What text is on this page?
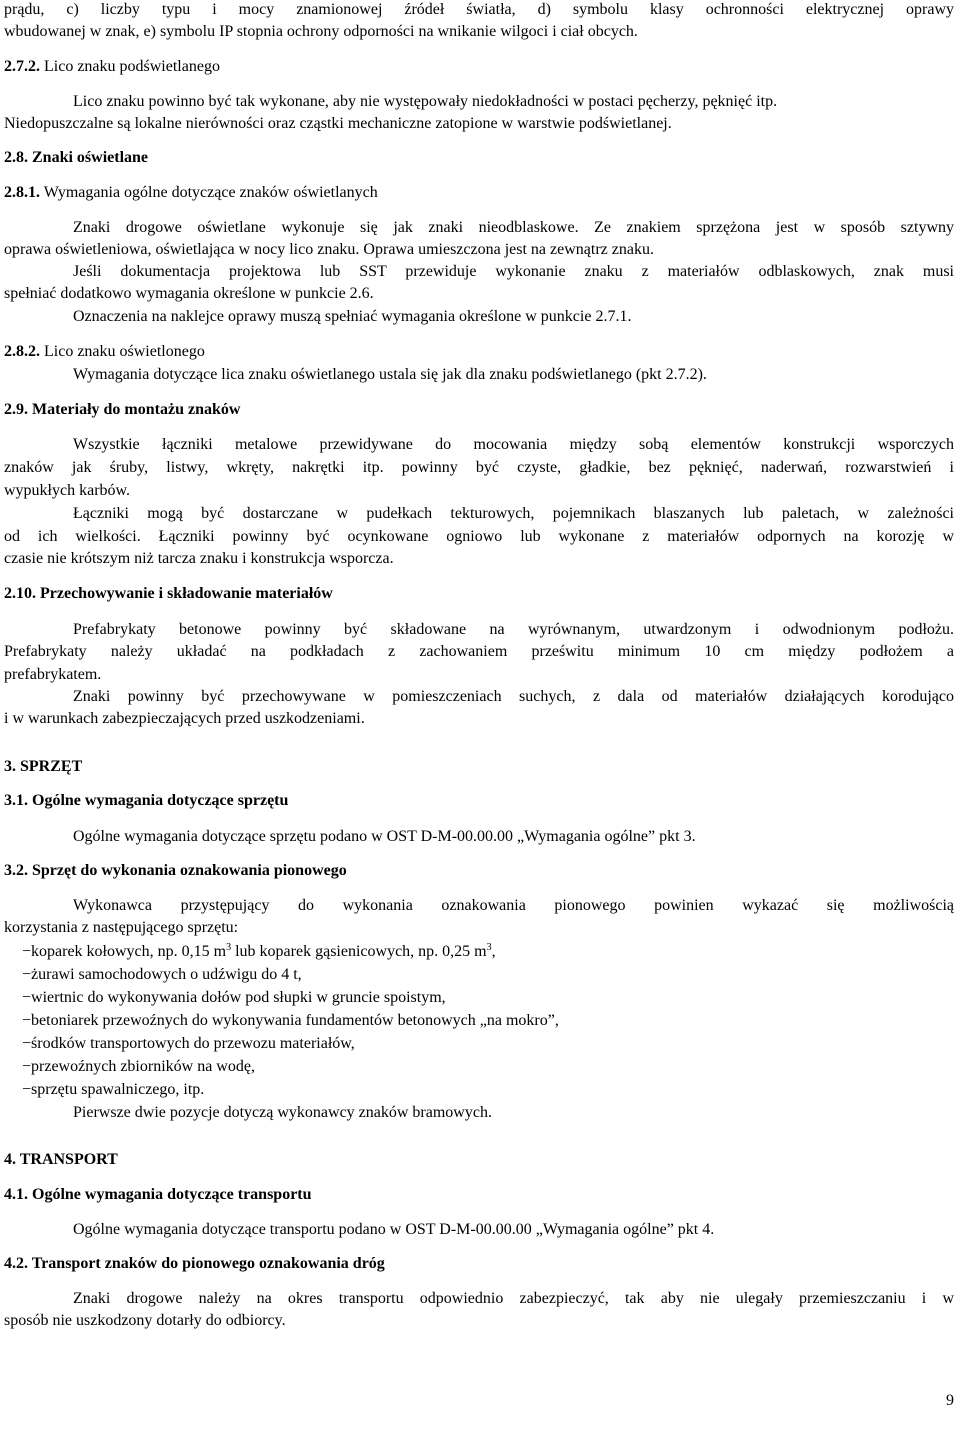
prądu, c) liczby typu i mocy znamionowej źródeł światła, d) symbolu klasy ochronności elektrycznej oprawy
wbudowanej w znak, e) symbolu IP stopnia ochrony odporności na wnikanie wilgoci i ciał obcych.
2.7.2. Lico znaku podświetlanego
Lico znaku powinno być tak wykonane, aby nie występowały niedokładności w postaci pęcherzy, pęknięć itp.
Niedopuszczalne są lokalne nierówności oraz cząstki mechaniczne zatopione w warstwie podświetlanej.
2.8. Znaki oświetlane
2.8.1. Wymagania ogólne dotyczące znaków oświetlanych
Znaki drogowe oświetlane wykonuje się jak znaki nieodblaskowe. Ze znakiem sprzężona jest w sposób sztywny
oprawa oświetleniowa, oświetlająca w nocy lico znaku. Oprawa umieszczona jest na zewnątrz znaku.
Jeśli dokumentacja projektowa lub SST przewiduje wykonanie znaku z materiałów odblaskowych, znak musi
spełniać dodatkowo wymagania określone w punkcie 2.6.
Oznaczenia na naklejce oprawy muszą spełniać wymagania określone w punkcie 2.7.1.
2.8.2. Lico znaku oświetlonego
Wymagania dotyczące lica znaku oświetlanego ustala się jak dla znaku podświetlanego (pkt 2.7.2).
2.9. Materiały do montażu znaków
Wszystkie łączniki metalowe przewidywane do mocowania między sobą elementów konstrukcji wsporczych
znaków jak śruby, listwy, wkręty, nakrętki itp. powinny być czyste, gładkie, bez pęknięć, naderwań, rozwarstwień i
wypukłych karbów.
Łączniki mogą być dostarczane w pudełkach tekturowych, pojemnikach blaszanych lub paletach, w zależności
od ich wielkości. Łączniki powinny być ocynkowane ogniowo lub wykonane z materiałów odpornych na korozję w
czasie nie krótszym niż tarcza znaku i konstrukcja wsporcza.
2.10. Przechowywanie i składowanie materiałów
Prefabrykaty betonowe powinny być składowane na wyrównanym, utwardzonym i odwodnionym podłożu.
Prefabrykaty należy układać na podkładach z zachowaniem prześwitu minimum 10 cm między podłożem a
prefabrykatem.
Znaki powinny być przechowywane w pomieszczeniach suchych, z dala od materiałów działających korodująco
i w warunkach zabezpieczających przed uszkodzeniami.
3. SPRZĘT
3.1. Ogólne wymagania dotyczące sprzętu
Ogólne wymagania dotyczące sprzętu podano w OST D-M-00.00.00 „Wymagania ogólne” pkt 3.
3.2. Sprzęt do wykonania oznakowania pionowego
Wykonawca przystępujący do wykonania oznakowania pionowego powinien wykazać się możliwością
korzystania z następującego sprzętu:
−koparek kołowych, np. 0,15 $m^3$ lub koparek gąsienicowych, np. 0,25 $m^3$,
−żurawi samochodowych o udźwigu do 4 t,
−wiertnic do wykonywania dołów pod słupki w gruncie spoistym,
−betoniarek przewoźnych do wykonywania fundamentów betonowych „na mokro”,
−środków transportowych do przewozu materiałów,
−przewoźnych zbiorników na wodę,
−sprzętu spawalniczego, itp.
Pierwsze dwie pozycje dotyczą wykonawcy znaków bramowych.
4. TRANSPORT
4.1. Ogólne wymagania dotyczące transportu
Ogólne wymagania dotyczące transportu podano w OST D-M-00.00.00 „Wymagania ogólne” pkt 4.
4.2. Transport znaków do pionowego oznakowania dróg
Znaki drogowe należy na okres transportu odpowiednio zabezpieczyć, tak aby nie ulegały przemieszczaniu i w
sposób nie uszkodzony dotarły do odbiorcy.
9
